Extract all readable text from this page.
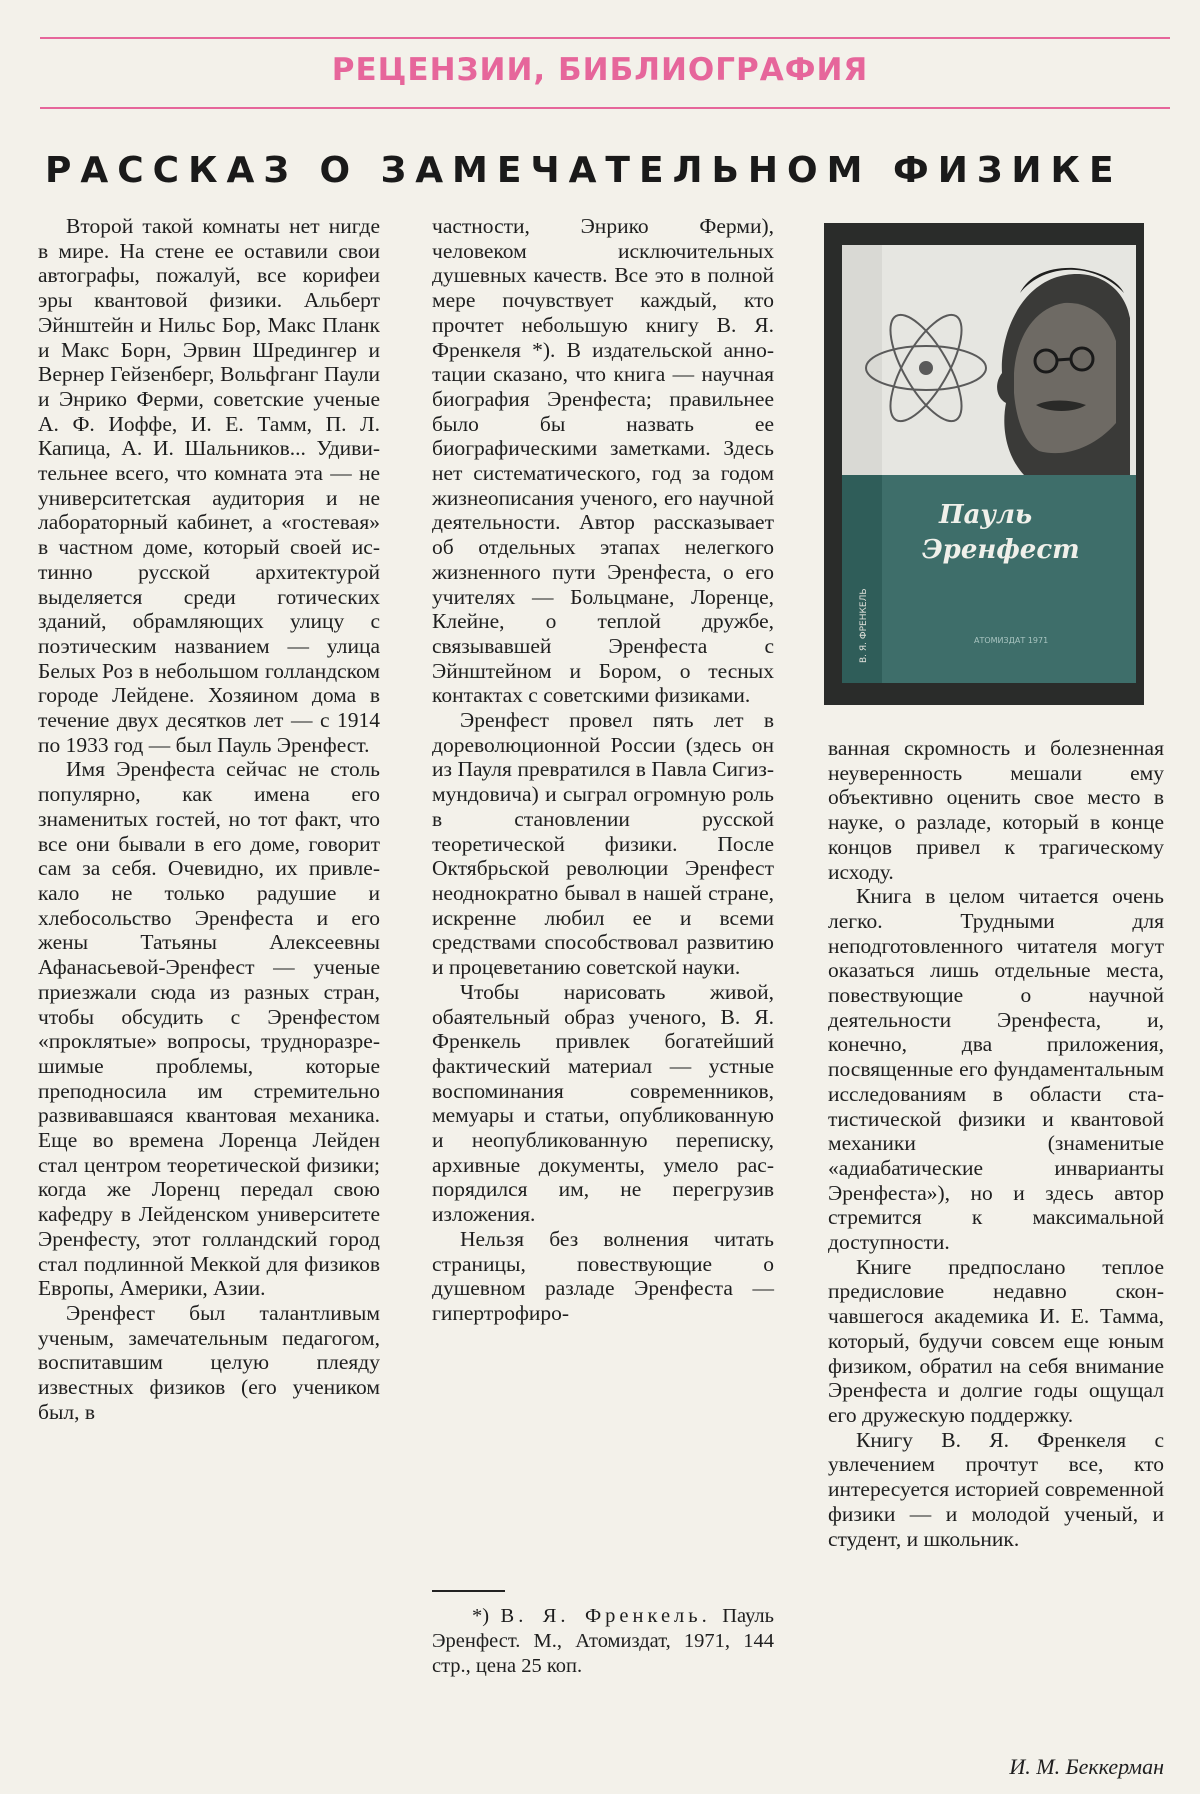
РЕЦЕНЗИИ, БИБЛИОГРАФИЯ
РАССКАЗ О ЗАМЕЧАТЕЛЬНОМ ФИЗИКЕ

Второй такой комнаты нет нигде в мире. На стене ее оставили свои автографы, пожалуй, все корифеи эры квантовой физики. Альберт Эйнштейн и Нильс Бор, Макс Планк и Макс Борн, Эрвин Шредингер и Вернер Гейзенберг, Вольфганг Паули и Энрико Ферми, советские ученые А. Ф. Иоффе, И. Е. Тамм, П. Л. Капица, А. И. Шальников... Удивительнее всего, что комната эта — не университетская аудитория и не лабораторный кабинет, а «гостевая» в частном доме, который своей истинно русской архитектурой выделяется среди готических зданий, обрамляющих улицу с поэтическим названием — улица Белых Роз в небольшом голландском городе Лейдене. Хозяином дома в течение двух десятков лет — с 1914 по 1933 год — был Пауль Эренфест.

Имя Эренфеста сейчас не столь популярно, как имена его знаменитых гостей, но тот факт, что все они бывали в его доме, говорит сам за себя. Очевидно, их привлекало не только радушие и хлебосольство Эренфеста и его жены Татьяны Алексеевны Афанасьевой-Эренфест — ученые приезжали сюда из разных стран, чтобы обсудить с Эренфестом «проклятые» вопросы, трудноразрешимые проблемы, которые преподносила им стремительно развивавшаяся квантовая механика. Еще во времена Лоренца Лейден стал центром теоретической физики; когда же Лоренц передал свою кафедру в Лейденском университете Эренфесту, этот голландский город стал подлинной Меккой для физиков Европы, Америки, Азии.

Эренфест был талантливым ученым, замечательным педагогом, воспитавшим целую плеяду известных физиков (его учеником был, в

частности, Энрико Ферми), человеком исключительных душевных качеств. Все это в полной мере почувствует каждый, кто прочтет небольшую книгу В. Я. Френкеля *). В издательской аннотации сказано, что книга — научная биография Эренфеста; правильнее было бы назвать ее биографическими заметками. Здесь нет систематического, год за годом жизнеописания ученого, его научной деятельности. Автор рассказывает об отдельных этапах нелегкого жизненного пути Эренфеста, о его учителях — Больцмане, Лоренце, Клейне, о теплой дружбе, связывавшей Эренфеста с Эйнштейном и Бором, о тесных контактах с советскими физиками.

Эренфест провел пять лет в дореволюционной России (здесь он из Пауля превратился в Павла Сигизмундовича) и сыграл огромную роль в становлении русской теоретической физики. После Октябрьской революции Эренфест неоднократно бывал в нашей стране, искренне любил ее и всеми средствами способствовал развитию и процеветанию советской науки.

Чтобы нарисовать живой, обаятельный образ ученого, В. Я. Френкель привлек богатейший фактический материал — устные воспоминания современников, мемуары и статьи, опубликованную и неопубликованную переписку, архивные документы, умело распорядился им, не перегрузив изложения.

Нельзя без волнения читать страницы, повествующие о душевном разладе Эренфеста — гипертрофиро-

Пауль
Эренфест
В. Я. ФРЕНКЕЛЬ	АТОМИЗДАТ 1971

ванная скромность и болезненная неуверенность мешали ему объективно оценить свое место в науке, о разладе, который в конце концов привел к трагическому исходу.

Книга в целом читается очень легко. Трудными для неподготовленного читателя могут оказаться лишь отдельные места, повествующие о научной деятельности Эренфеста, и, конечно, два приложения, посвященные его фундаментальным исследованиям в области статистической физики и квантовой механики (знаменитые «адиабатические инварианты Эренфеста»), но и здесь автор стремится к максимальной доступности.

Книге предпослано теплое предисловие недавно скончавшегося академика И. Е. Тамма, который, будучи совсем еще юным физиком, обратил на себя внимание Эренфеста и долгие годы ощущал его дружескую поддержку.

Книгу В. Я. Френкеля с увлечением прочтут все, кто интересуется историей современной физики — и молодой ученый, и студент, и школьник.

*) В. Я. Френкель. Пауль Эренфест. М., Атомиздат, 1971, 144 стр., цена 25 коп.
И. М. Беккерман
